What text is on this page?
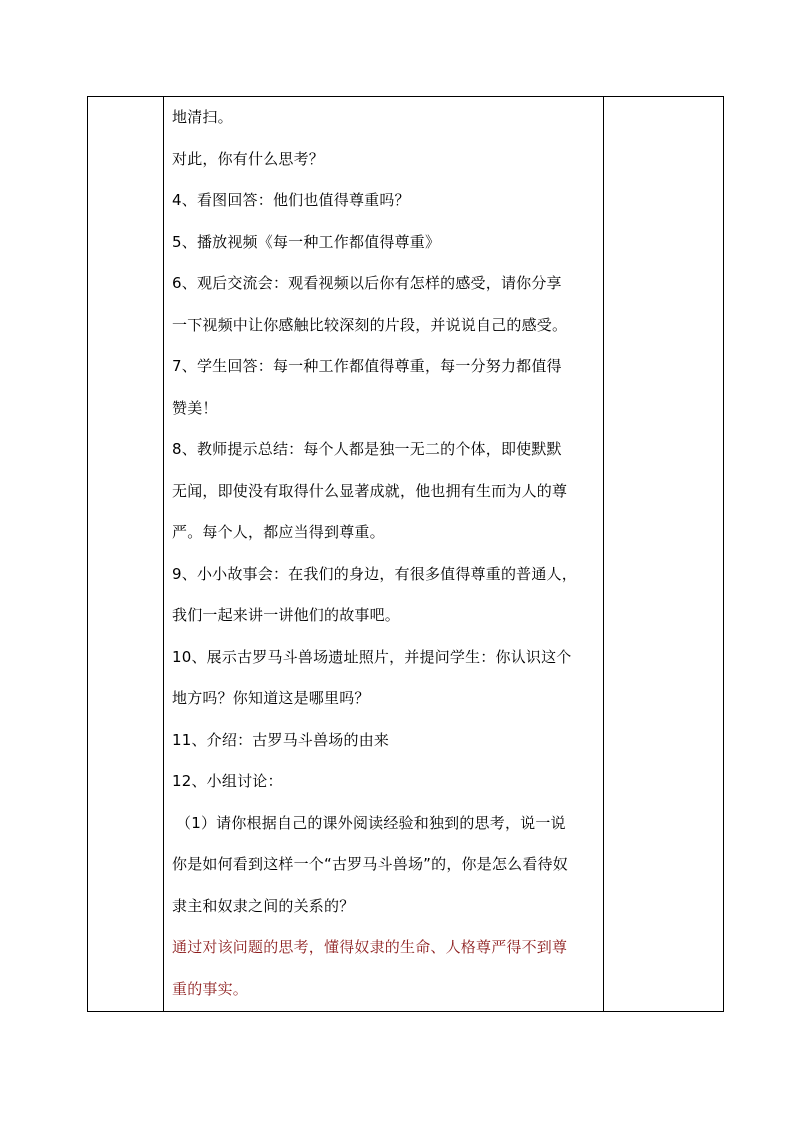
地清扫。

对此，你有什么思考？

4、看图回答：他们也值得尊重吗？

5、播放视频《每一种工作都值得尊重》

6、观后交流会：观看视频以后你有怎样的感受，请你分享

一下视频中让你感触比较深刻的片段，并说说自己的感受。

7、学生回答：每一种工作都值得尊重，每一分努力都值得

赞美！

8、教师提示总结：每个人都是独一无二的个体，即使默默

无闻，即使没有取得什么显著成就，他也拥有生而为人的尊

严。每个人，都应当得到尊重。

9、小小故事会：在我们的身边，有很多值得尊重的普通人，

我们一起来讲一讲他们的故事吧。

10、展示古罗马斗兽场遗址照片，并提问学生：你认识这个

地方吗？你知道这是哪里吗？

11、介绍：古罗马斗兽场的由来

12、小组讨论：

（1）请你根据自己的课外阅读经验和独到的思考，说一说

你是如何看到这样一个“古罗马斗兽场”的，你是怎么看待奴

隶主和奴隶之间的关系的？

通过对该问题的思考，懂得奴隶的生命、人格尊严得不到尊

重的事实。
